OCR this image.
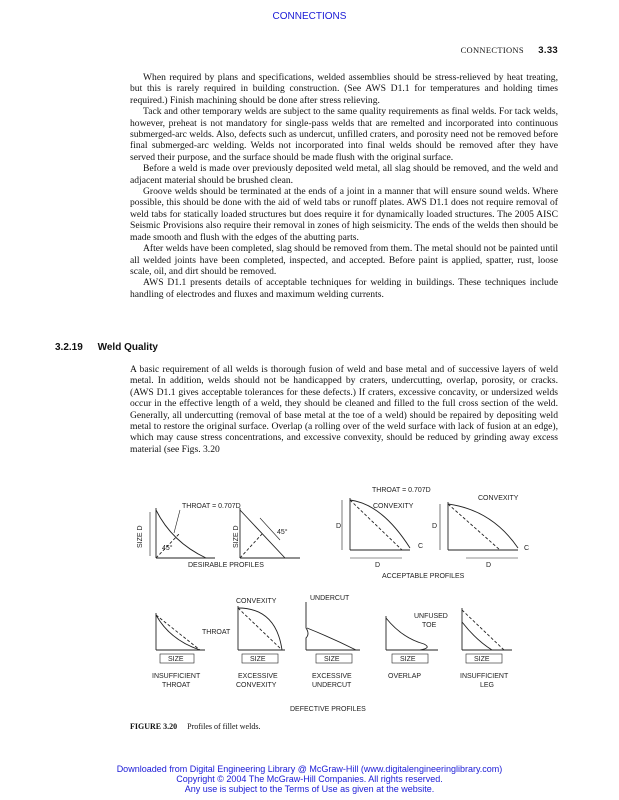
CONNECTIONS
CONNECTIONS 3.33

When required by plans and specifications, welded assemblies should be stress-relieved by heat treating, but this is rarely required in building construction. (See AWS D1.1 for temperatures and holding times required.) Finish machining should be done after stress relieving.

Tack and other temporary welds are subject to the same quality requirements as final welds. For tack welds, however, preheat is not mandatory for single-pass welds that are remelted and incorporated into continuous submerged-arc welds. Also, defects such as undercut, unfilled craters, and porosity need not be removed before final submerged-arc welding. Welds not incorporated into final welds should be removed after they have served their purpose, and the surface should be made flush with the original surface.

Before a weld is made over previously deposited weld metal, all slag should be removed, and the weld and adjacent material should be brushed clean.

Groove welds should be terminated at the ends of a joint in a manner that will ensure sound welds. Where possible, this should be done with the aid of weld tabs or runoff plates. AWS D1.1 does not require removal of weld tabs for statically loaded structures but does require it for dynamically loaded structures. The 2005 AISC Seismic Provisions also require their removal in zones of high seismicity. The ends of the welds then should be made smooth and flush with the edges of the abutting parts.

After welds have been completed, slag should be removed from them. The metal should not be painted until all welded joints have been completed, inspected, and accepted. Before paint is applied, spatter, rust, loose scale, oil, and dirt should be removed.

AWS D1.1 presents details of acceptable techniques for welding in buildings. These techniques include handling of electrodes and fluxes and maximum welding currents.

3.2.19 Weld Quality

A basic requirement of all welds is thorough fusion of weld and base metal and of successive layers of weld metal. In addition, welds should not be handicapped by craters, undercutting, overlap, porosity, or cracks. (AWS D1.1 gives acceptable tolerances for these defects.) If craters, excessive concavity, or undersized welds occur in the effective length of a weld, they should be cleaned and filled to the full cross section of the weld. Generally, all undercutting (removal of base metal at the toe of a weld) should be repaired by depositing weld metal to restore the original surface. Overlap (a rolling over of the weld surface with lack of fusion at an edge), which may cause stress concentrations, and excessive convexity, should be reduced by grinding away excess material (see Figs. 3.20

SIZE D
45°
THROAT = 0.707D
SIZE D	45°
DESIRABLE PROFILES
D
D
C
CONVEXITY
THROAT = 0.707D
D
D
C
CONVEXITY
ACCEPTABLE PROFILES
THROAT
SIZE
INSUFFICIENT
THROAT
CONVEXITY
SIZE
EXCESSIVE
CONVEXITY
UNDERCUT
SIZE
EXCESSIVE
UNDERCUT
UNFUSED
TOE
SIZE
OVERLAP
SIZE
INSUFFICIENT
LEG
DEFECTIVE PROFILES
FIGURE 3.20 Profiles of fillet welds.
Downloaded from Digital Engineering Library @ McGraw-Hill (www.digitalengineeringlibrary.com)
Copyright © 2004 The McGraw-Hill Companies. All rights reserved.
Any use is subject to the Terms of Use as given at the website.
